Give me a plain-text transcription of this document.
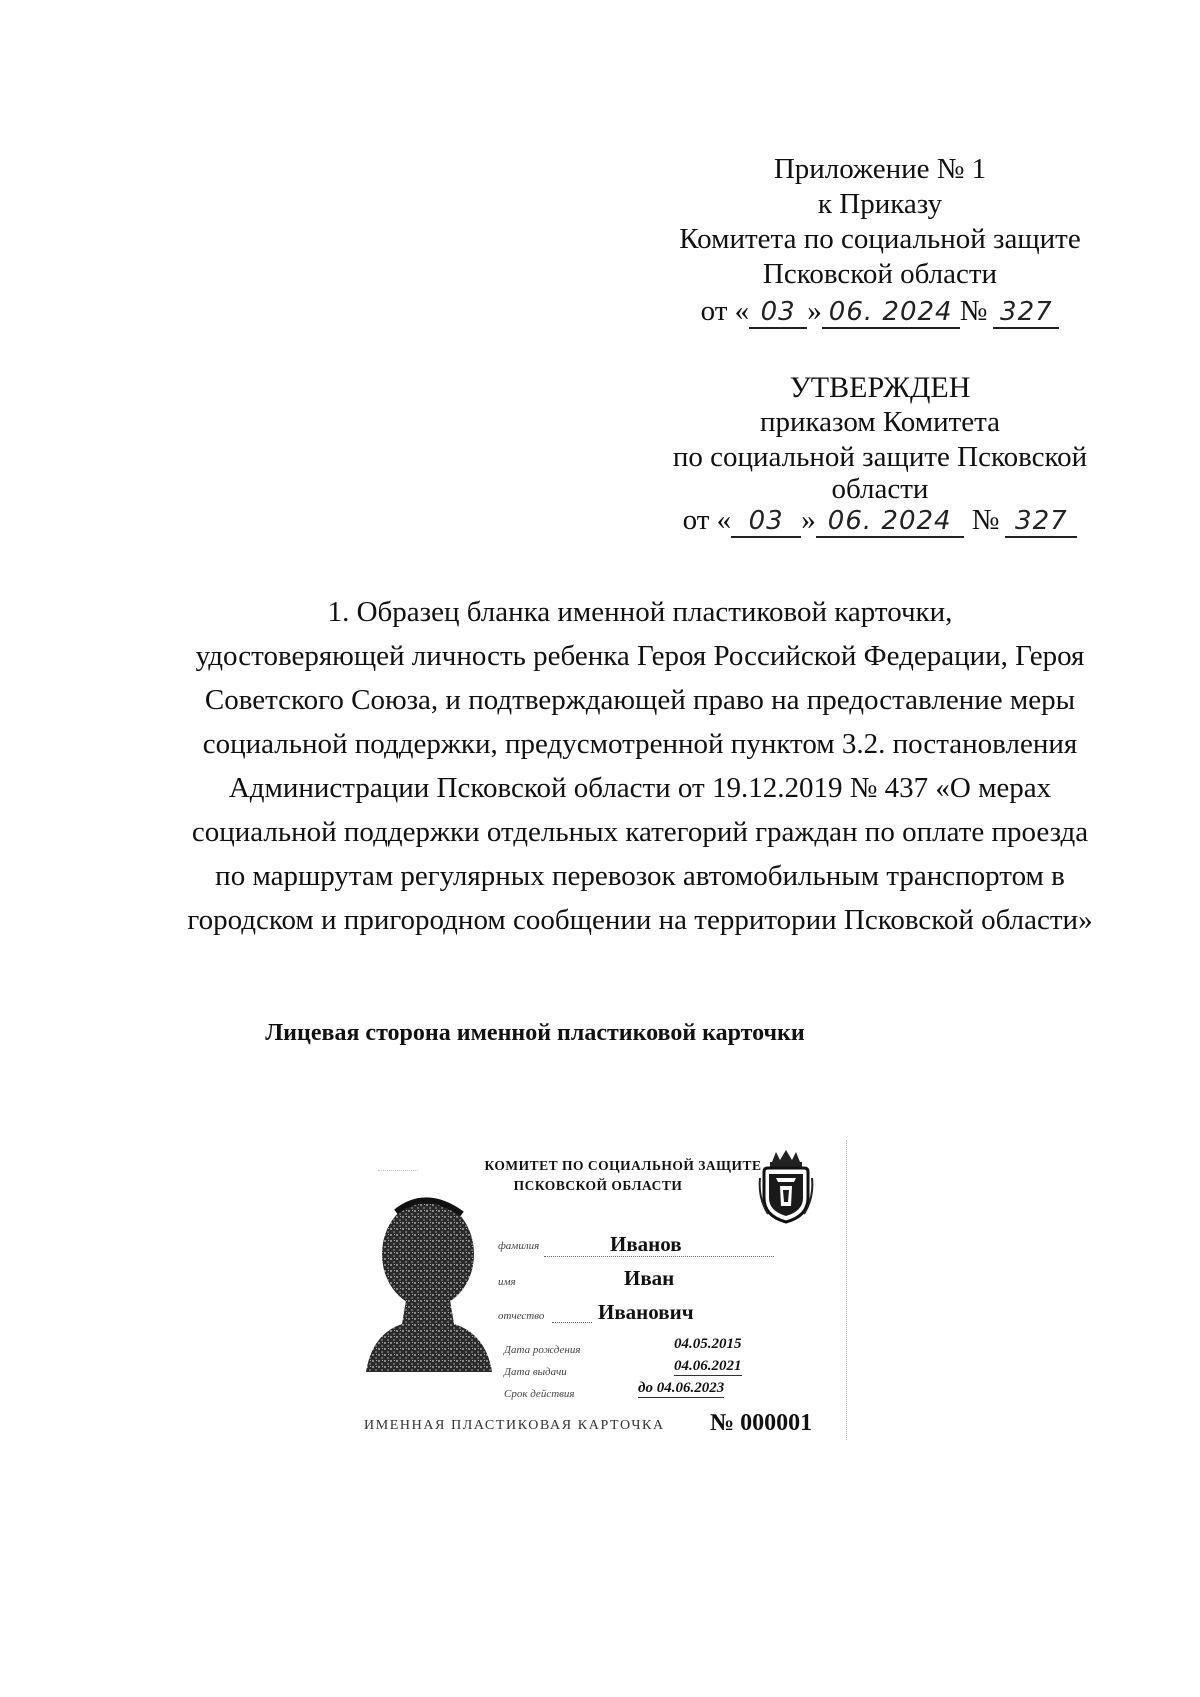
Приложение № 1
к Приказу
Комитета по социальной защите
Псковской области
от « 03 » 06. 2024 № 327
УТВЕРЖДЕН
приказом Комитета
по социальной защите Псковской
области
от « 03 » 06. 2024 № 327
1. Образец бланка именной пластиковой карточки,
удостоверяющей личность ребенка Героя Российской Федерации, Героя
Советского Союза, и подтверждающей право на предоставление меры
социальной поддержки, предусмотренной пунктом 3.2. постановления
Администрации Псковской области от 19.12.2019 № 437 «О мерах
социальной поддержки отдельных категорий граждан по оплате проезда
по маршрутам регулярных перевозок автомобильным транспортом в
городском и пригородном сообщении на территории Псковской области»
Лицевая сторона именной пластиковой карточки
КОМИТЕТ ПО СОЦИАЛЬНОЙ ЗАЩИТЕ
ПСКОВСКОЙ ОБЛАСТИ
фамилия	Иванов
имя	Иван
отчество	Иванович
Дата рождения	04.05.2015
Дата выдачи	04.06.2021
Срок действия	до 04.06.2023
ИМЕННАЯ ПЛАСТИКОВАЯ КАРТОЧКА № 000001
